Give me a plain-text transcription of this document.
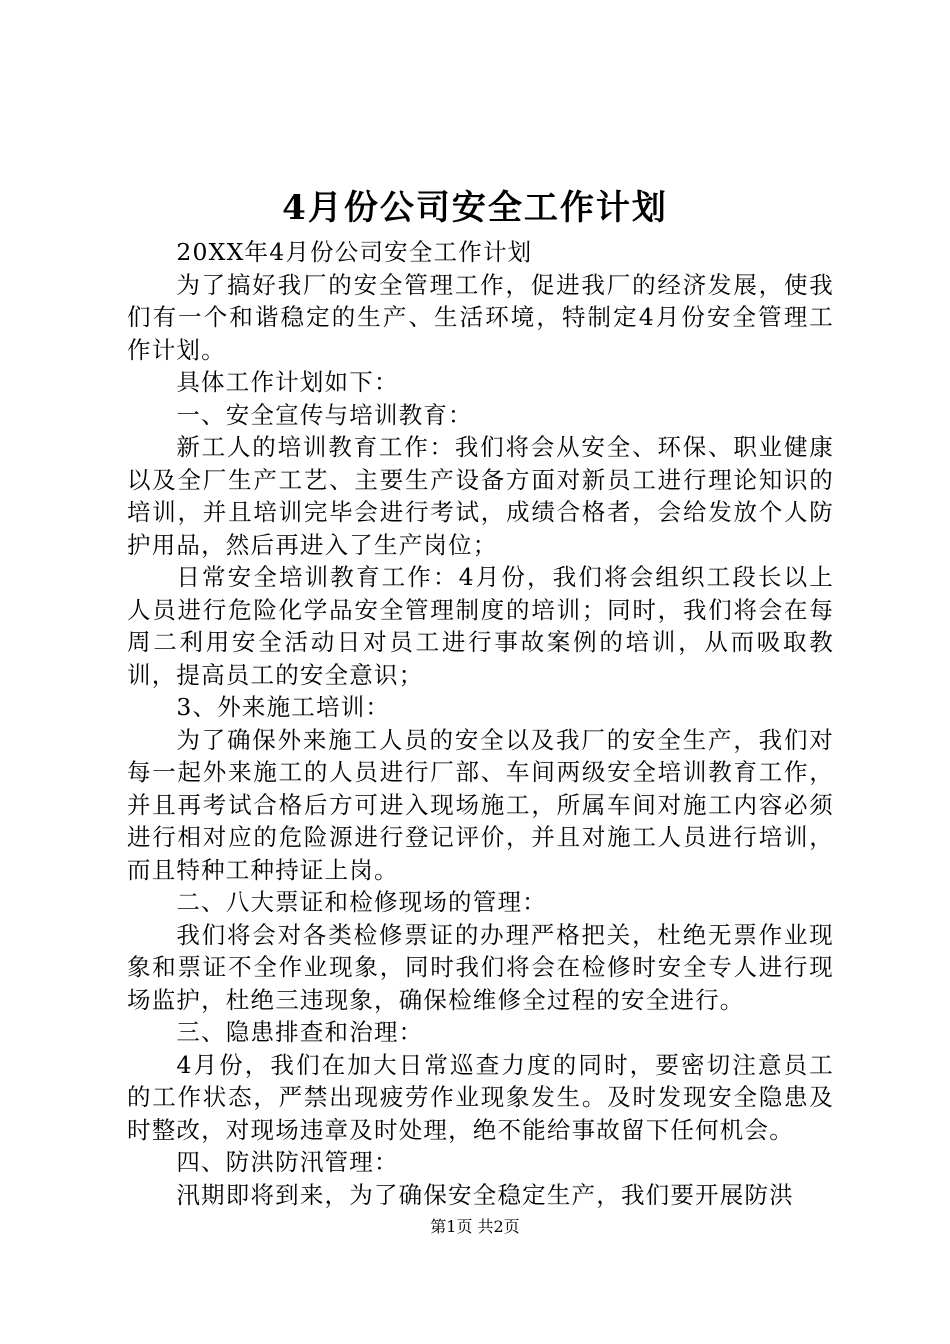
4月份公司安全工作计划

20XX年4月份公司安全工作计划

为了搞好我厂的安全管理工作，促进我厂的经济发展，使我们有一个和谐稳定的生产、生活环境，特制定4月份安全管理工作计划。

具体工作计划如下：

一、安全宣传与培训教育：

新工人的培训教育工作：我们将会从安全、环保、职业健康以及全厂生产工艺、主要生产设备方面对新员工进行理论知识的培训，并且培训完毕会进行考试，成绩合格者，会给发放个人防护用品，然后再进入了生产岗位；

日常安全培训教育工作：4月份，我们将会组织工段长以上人员进行危险化学品安全管理制度的培训；同时，我们将会在每周二利用安全活动日对员工进行事故案例的培训，从而吸取教训，提高员工的安全意识；

3、外来施工培训：

为了确保外来施工人员的安全以及我厂的安全生产，我们对每一起外来施工的人员进行厂部、车间两级安全培训教育工作，并且再考试合格后方可进入现场施工，所属车间对施工内容必须进行相对应的危险源进行登记评价，并且对施工人员进行培训，而且特种工种持证上岗。

二、八大票证和检修现场的管理：

我们将会对各类检修票证的办理严格把关，杜绝无票作业现象和票证不全作业现象，同时我们将会在检修时安全专人进行现场监护，杜绝三违现象，确保检维修全过程的安全进行。

三、隐患排查和治理：

4月份，我们在加大日常巡查力度的同时，要密切注意员工的工作状态，严禁出现疲劳作业现象发生。及时发现安全隐患及时整改，对现场违章及时处理，绝不能给事故留下任何机会。

四、防洪防汛管理：

汛期即将到来，为了确保安全稳定生产，我们要开展防洪

第1页 共2页
